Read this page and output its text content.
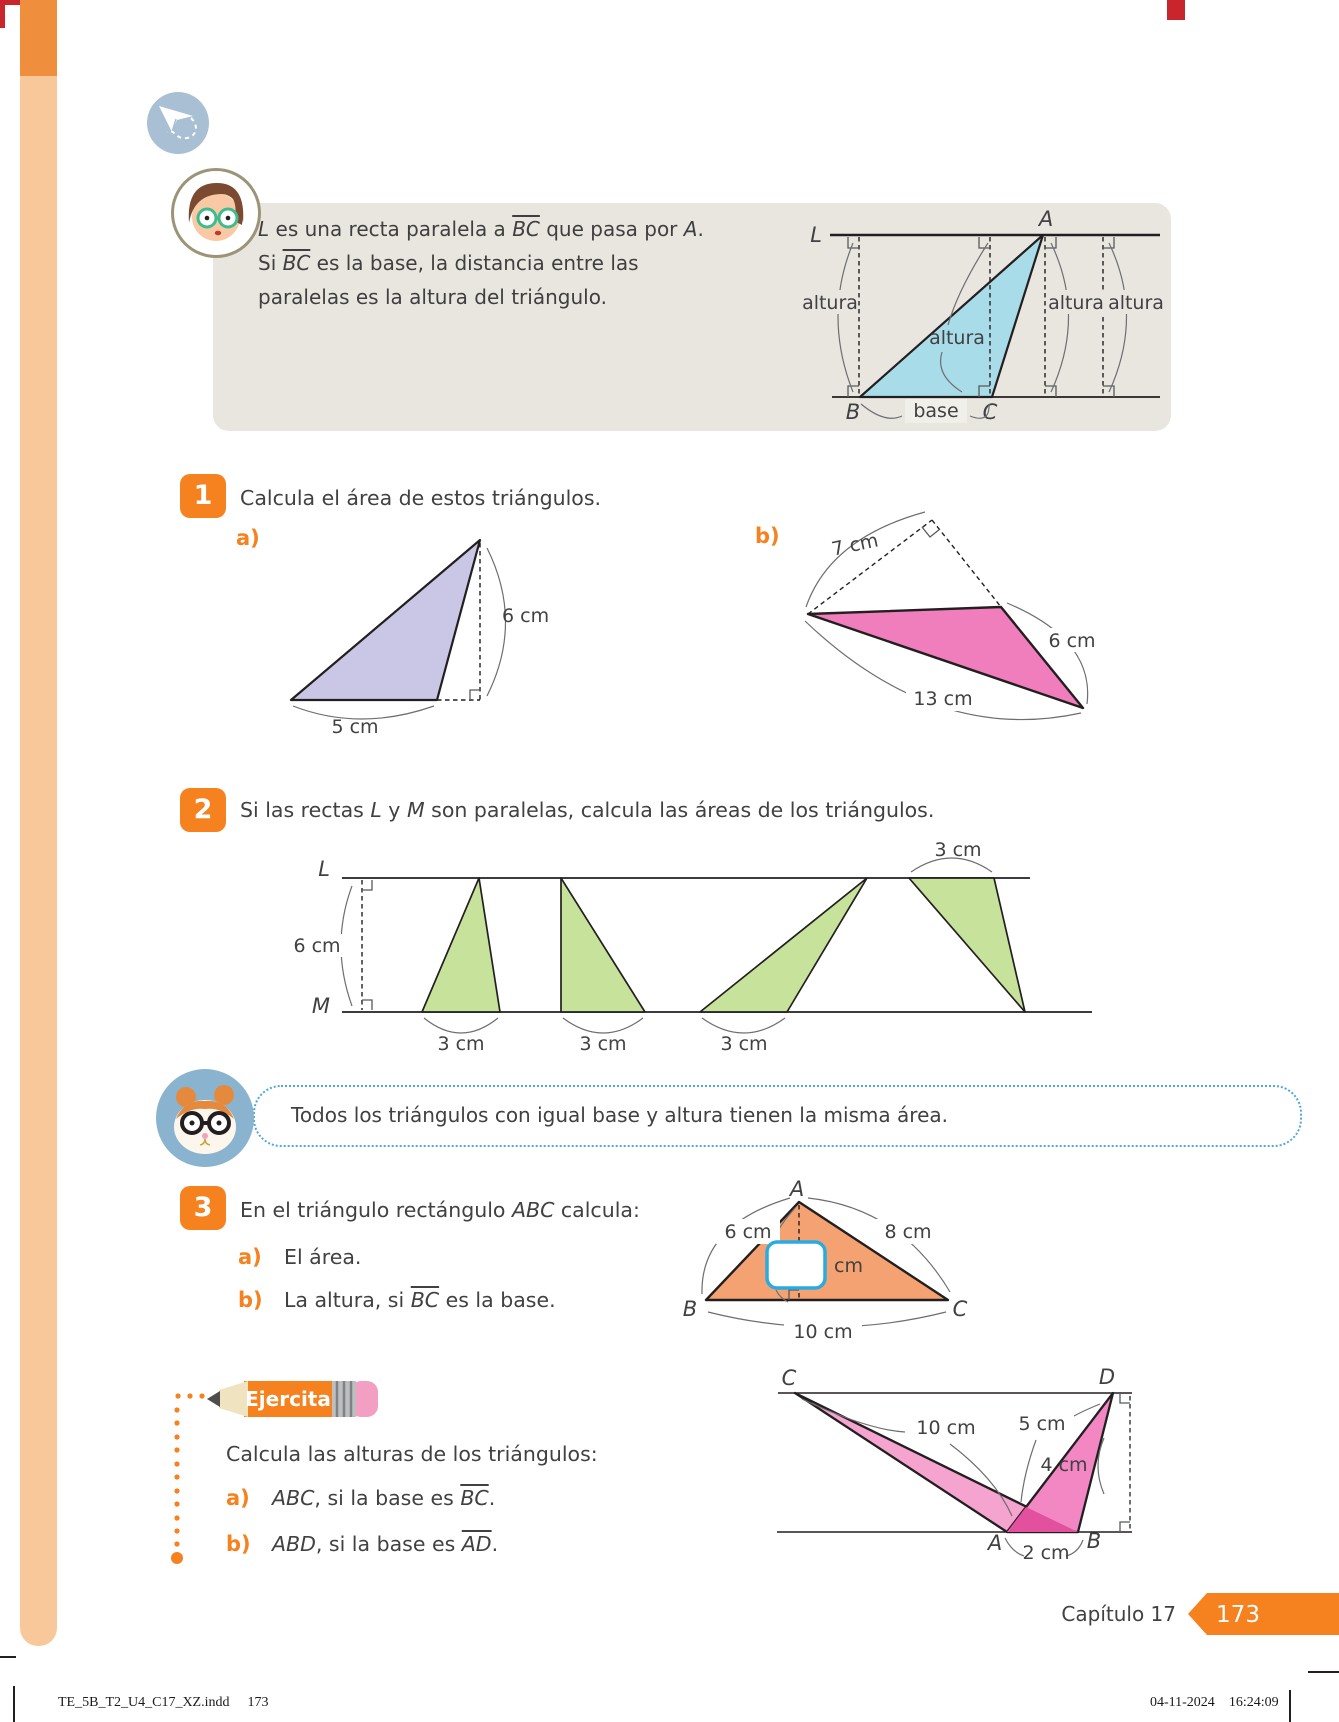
L es una recta paralela a $\overline{BC}$ que pasa por A.
Si $\overline{BC}$ es la base, la distancia entre las
paralelas es la altura del triángulo.	altura
altura
altura altura
L
A
B	C
base
1	Calcula el área de estos triángulos.
a)	b)
6 cm
5 cm
7 cm
6 cm
13 cm
2	Si las rectas L y M son paralelas, calcula las áreas de los triángulos.
L
M
6 cm
3 cm	3 cm	3 cm
3 cm
Todos los triángulos con igual base y altura tienen la misma área.
3	En el triángulo rectángulo ABC calcula:
a) El área.
b) La altura, si $\overline{BC}$ es la base.
6 cm	8 cm
10 cm
cm
A
B	C
Ejercita
Calcula las alturas de los triángulos:
a) ABC, si la base es $\overline{BC}$.
b) ABD, si la base es $\overline{AD}$.
10 cm 5 cm
4 cm
2 cm
C	D
A	B
Capítulo 17 173
TE_5B_T2_U4_C17_XZ.indd 173	04-11-2024 16:24:09
